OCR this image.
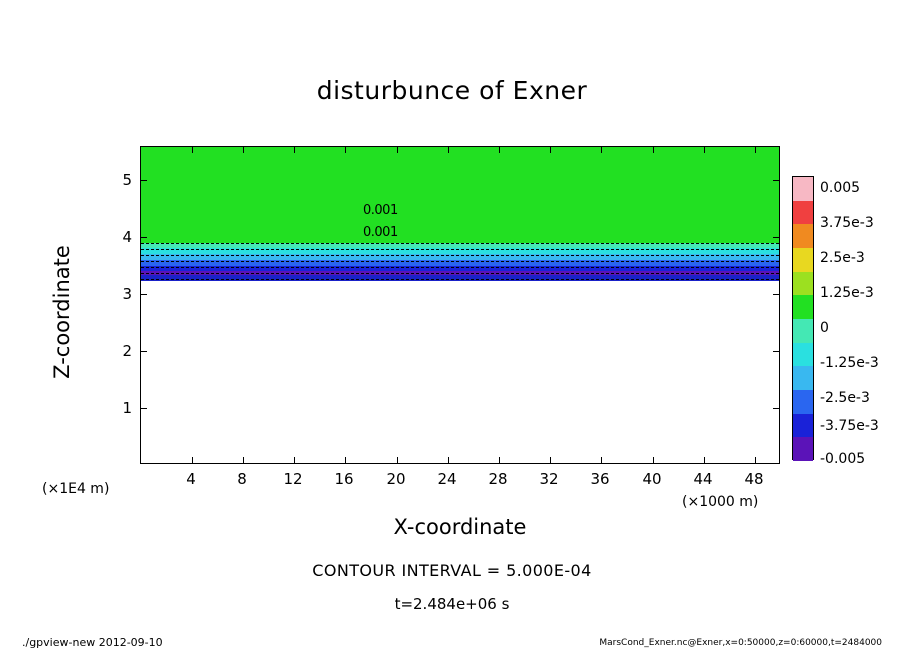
disturbunce of Exner
0.001
0.001
4	8	12	16	20	24	28	32	36	40	44	48
1
2
3
4
5
Z-coordinate
X-coordinate
(×1E4 m)
(×1000 m)
0.005
3.75e-3
2.5e-3
1.25e-3
0
-1.25e-3
-2.5e-3
-3.75e-3
-0.005
CONTOUR INTERVAL = 5.000E-04
t=2.484e+06 s
./gpview-new 2012-09-10	MarsCond_Exner.nc@Exner,x=0:50000,z=0:60000,t=2484000
